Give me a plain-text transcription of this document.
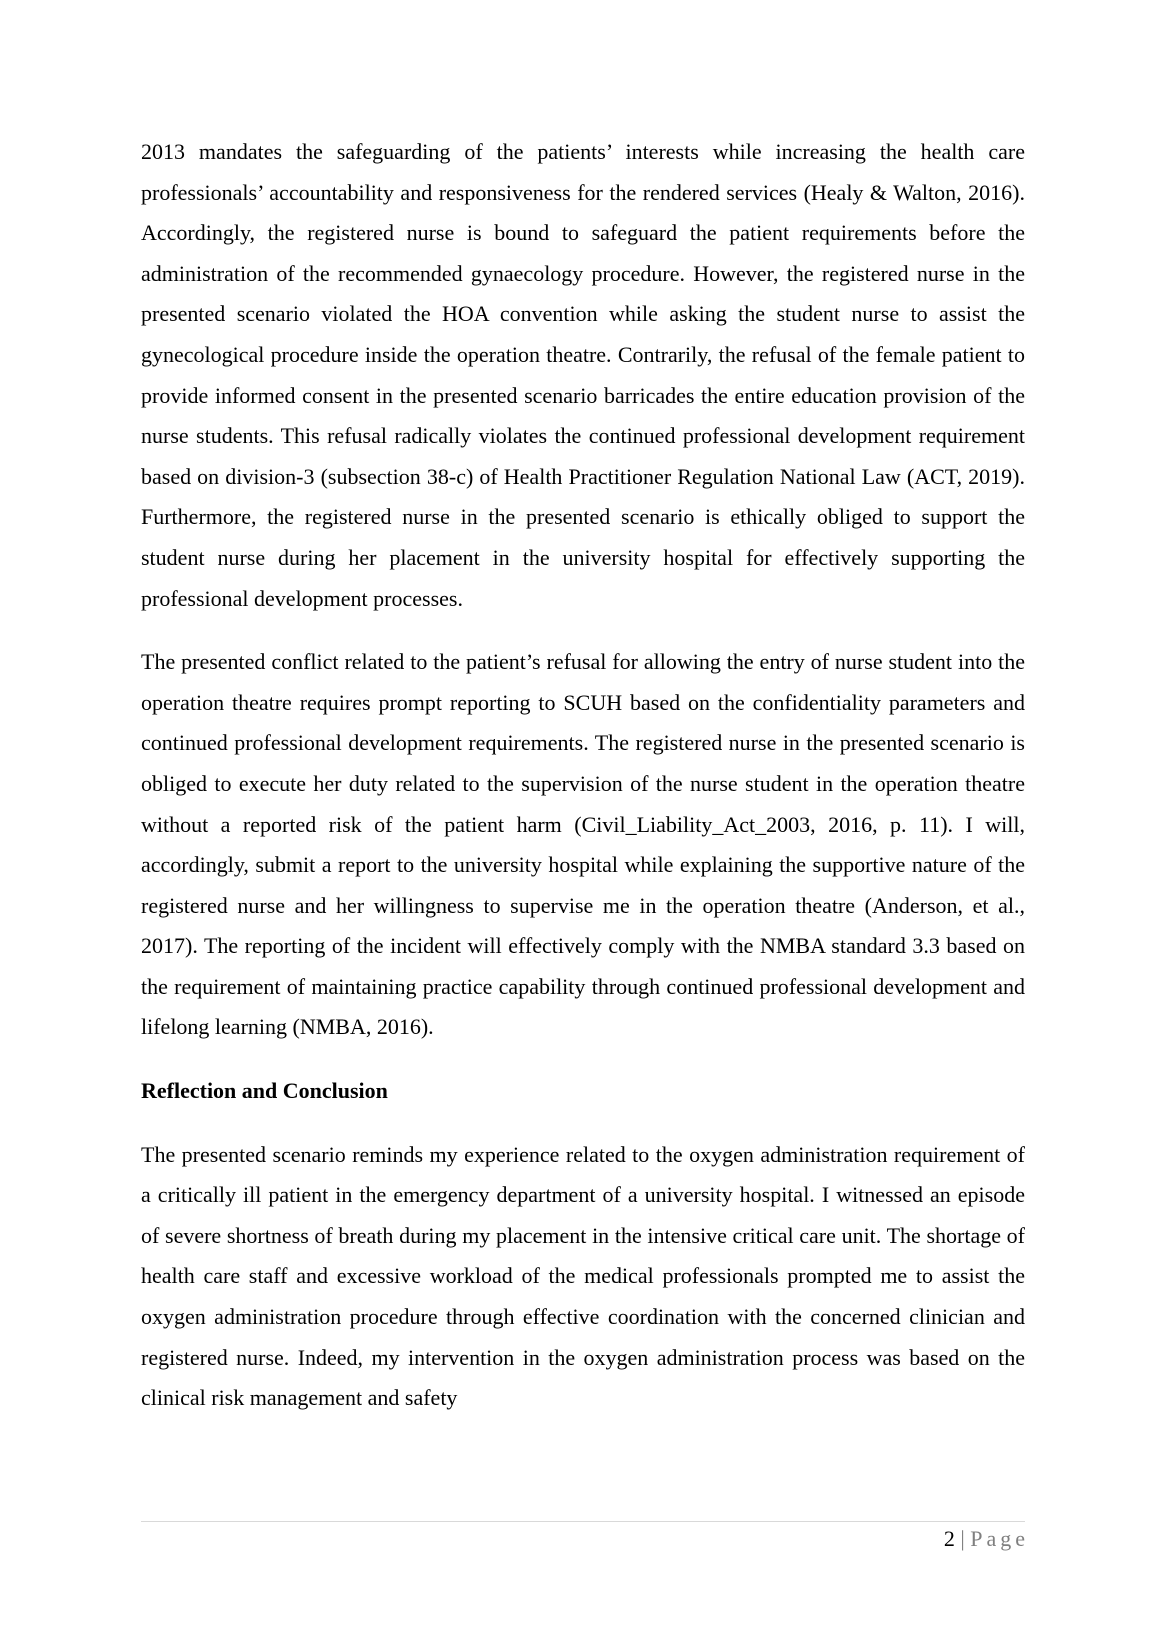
2013 mandates the safeguarding of the patients’ interests while increasing the health care professionals’ accountability and responsiveness for the rendered services (Healy & Walton, 2016). Accordingly, the registered nurse is bound to safeguard the patient requirements before the administration of the recommended gynaecology procedure. However, the registered nurse in the presented scenario violated the HOA convention while asking the student nurse to assist the gynecological procedure inside the operation theatre. Contrarily, the refusal of the female patient to provide informed consent in the presented scenario barricades the entire education provision of the nurse students. This refusal radically violates the continued professional development requirement based on division-3 (subsection 38-c) of Health Practitioner Regulation National Law (ACT, 2019). Furthermore, the registered nurse in the presented scenario is ethically obliged to support the student nurse during her placement in the university hospital for effectively supporting the professional development processes.

The presented conflict related to the patient’s refusal for allowing the entry of nurse student into the operation theatre requires prompt reporting to SCUH based on the confidentiality parameters and continued professional development requirements. The registered nurse in the presented scenario is obliged to execute her duty related to the supervision of the nurse student in the operation theatre without a reported risk of the patient harm (Civil_Liability_Act_2003, 2016, p. 11). I will, accordingly, submit a report to the university hospital while explaining the supportive nature of the registered nurse and her willingness to supervise me in the operation theatre (Anderson, et al., 2017). The reporting of the incident will effectively comply with the NMBA standard 3.3 based on the requirement of maintaining practice capability through continued professional development and lifelong learning (NMBA, 2016).

Reflection and Conclusion

The presented scenario reminds my experience related to the oxygen administration requirement of a critically ill patient in the emergency department of a university hospital. I witnessed an episode of severe shortness of breath during my placement in the intensive critical care unit. The shortage of health care staff and excessive workload of the medical professionals prompted me to assist the oxygen administration procedure through effective coordination with the concerned clinician and registered nurse. Indeed, my intervention in the oxygen administration process was based on the clinical risk management and safety

2 | Page
